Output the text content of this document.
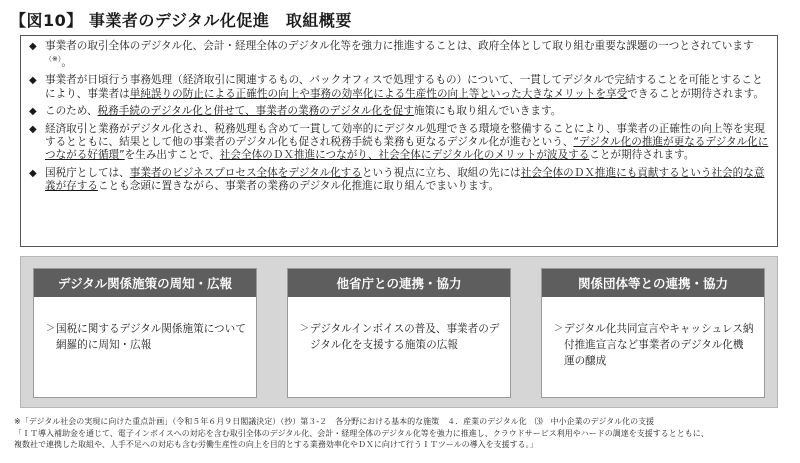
【図10】 事業者のデジタル化促進　取組概要
◆ 事業者の取引全体のデジタル化、会計・経理全体のデジタル化等を強力に推進することは、政府全体として取り組む重要な課題の一つとされています（※）。
◆ 事業者が日頃行う事務処理（経済取引に関連するもの、バックオフィスで処理するもの）について、一貫してデジタルで完結することを可能とすることにより、事業者は単純誤りの防止による正確性の向上や事務の効率化による生産性の向上等といった大きなメリットを享受できることが期待されます。
◆ このため、税務手続のデジタル化と併せて、事業者の業務のデジタル化を促す施策にも取り組んでいきます。
◆ 経済取引と業務がデジタル化され、税務処理も含めて一貫して効率的にデジタル処理できる環境を整備することにより、事業者の正確性の向上等を実現するとともに、結果として他の事業者のデジタル化も促され税務手続も業務も更なるデジタル化が進むという、“デジタル化の推進が更なるデジタル化につながる好循環”を生み出すことで、社会全体のＤＸ推進につながり、社会全体にデジタル化のメリットが波及することが期待されます。
◆ 国税庁としては、事業者のビジネスプロセス全体をデジタル化するという視点に立ち、取組の先には社会全体のＤＸ推進にも貢献するという社会的な意義が存することも念頭に置きながら、事業者の業務のデジタル化推進に取り組んでまいります。
デジタル関係施策の周知・広報
＞ 国税に関するデジタル関係施策について網羅的に周知・広報
他省庁との連携・協力
＞ デジタルインボイスの普及、事業者のデジタル化を支援する施策の広報
関係団体等との連携・協力
＞ デジタル化共同宣言やキャッシュレス納付推進宣言など事業者のデジタル化機運の醸成
※「デジタル社会の実現に向けた重点計画」（令和５年６月９日閣議決定）（抄）第３-２　各分野における基本的な施策　４．産業のデジタル化　⑶　中小企業のデジタル化の支援
「ＩＴ導入補助金を通じて、電子インボイスへの対応を含む取引全体のデジタル化、会計・経理全体のデジタル化等を強力に推進し、クラウドサービス利用やハードの調達を支援するとともに、
複数社で連携した取組や、人手不足への対応も含む労働生産性の向上を目的とする業務効率化やＤＸに向けて行うＩＴツールの導入を支援する。」
